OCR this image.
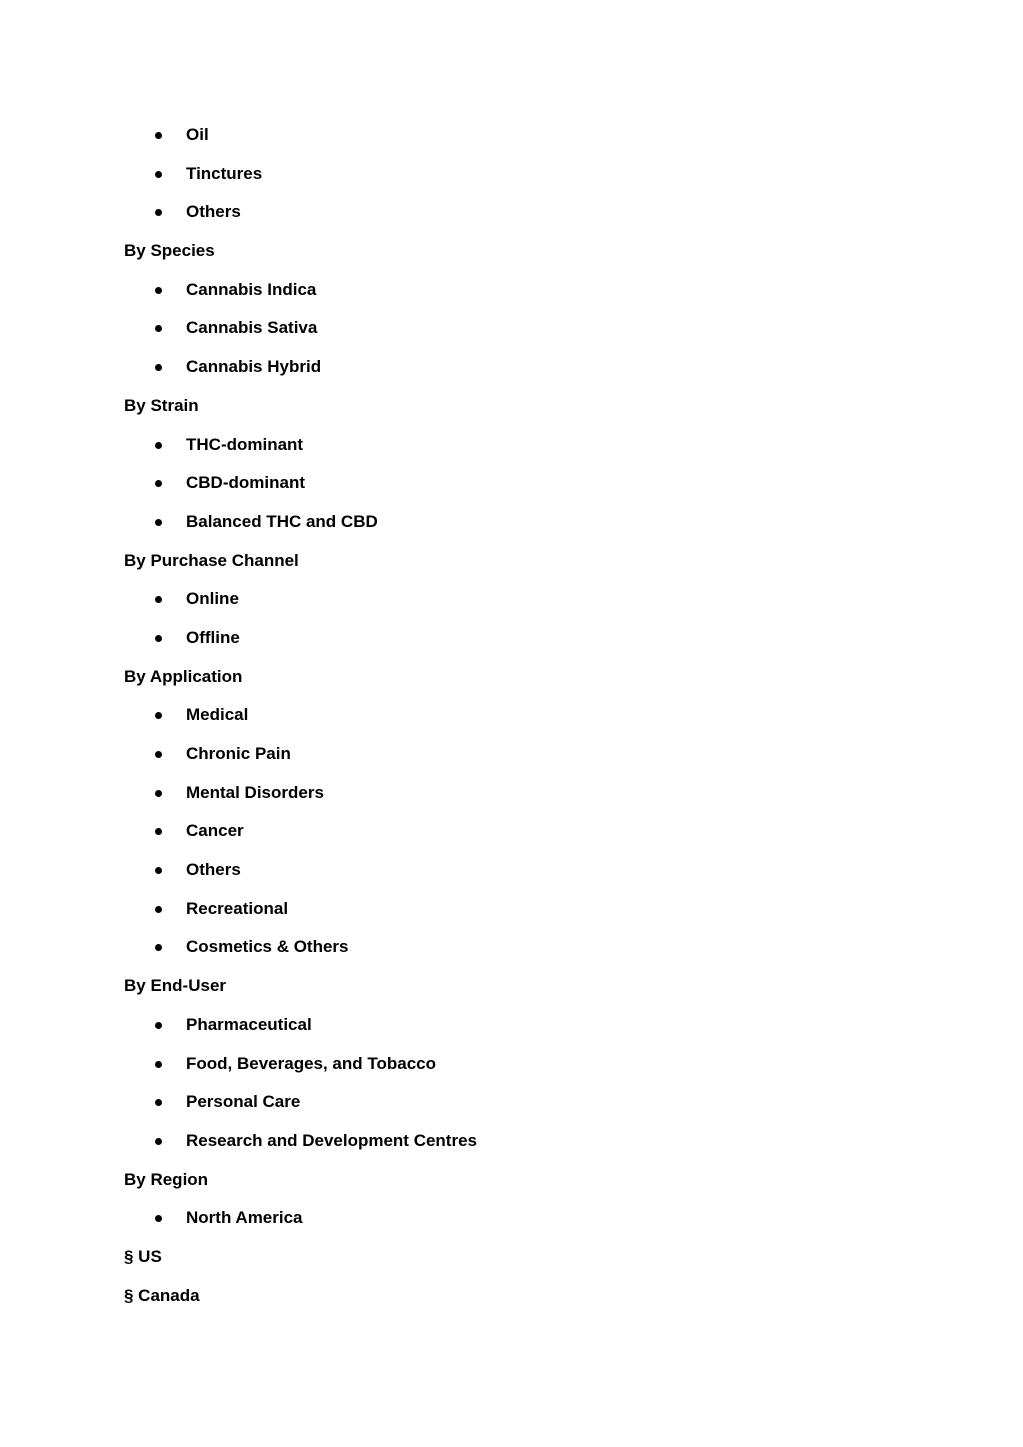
Oil
Tinctures
Others
By Species
Cannabis Indica
Cannabis Sativa
Cannabis Hybrid
By Strain
THC-dominant
CBD-dominant
Balanced THC and CBD
By Purchase Channel
Online
Offline
By Application
Medical
Chronic Pain
Mental Disorders
Cancer
Others
Recreational
Cosmetics & Others
By End-User
Pharmaceutical
Food, Beverages, and Tobacco
Personal Care
Research and Development Centres
By Region
North America
§ US
§ Canada
